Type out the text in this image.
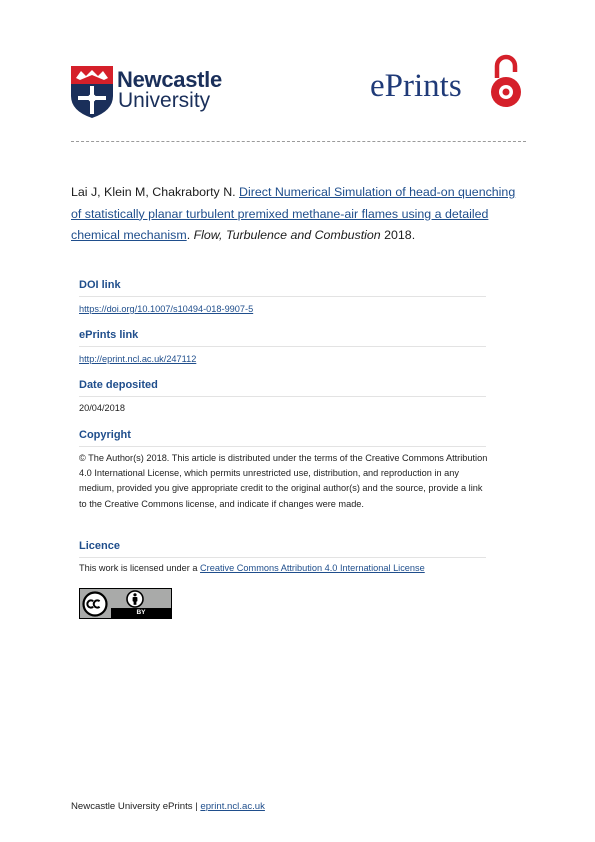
Newcastle
University	ePrints
Lai J, Klein M, Chakraborty N. Direct Numerical Simulation of head-on quenching of statistically planar turbulent premixed methane-air flames using a detailed chemical mechanism. Flow, Turbulence and Combustion 2018.
DOI link
https://doi.org/10.1007/s10494-018-9907-5
ePrints link
http://eprint.ncl.ac.uk/247112
Date deposited
20/04/2018
Copyright
© The Author(s) 2018. This article is distributed under the terms of the Creative Commons Attribution 4.0 International License, which permits unrestricted use, distribution, and reproduction in any medium, provided you give appropriate credit to the original author(s) and the source, provide a link to the Creative Commons license, and indicate if changes were made.
Licence
This work is licensed under a Creative Commons Attribution 4.0 International License
BY
Newcastle University ePrints | eprint.ncl.ac.uk
